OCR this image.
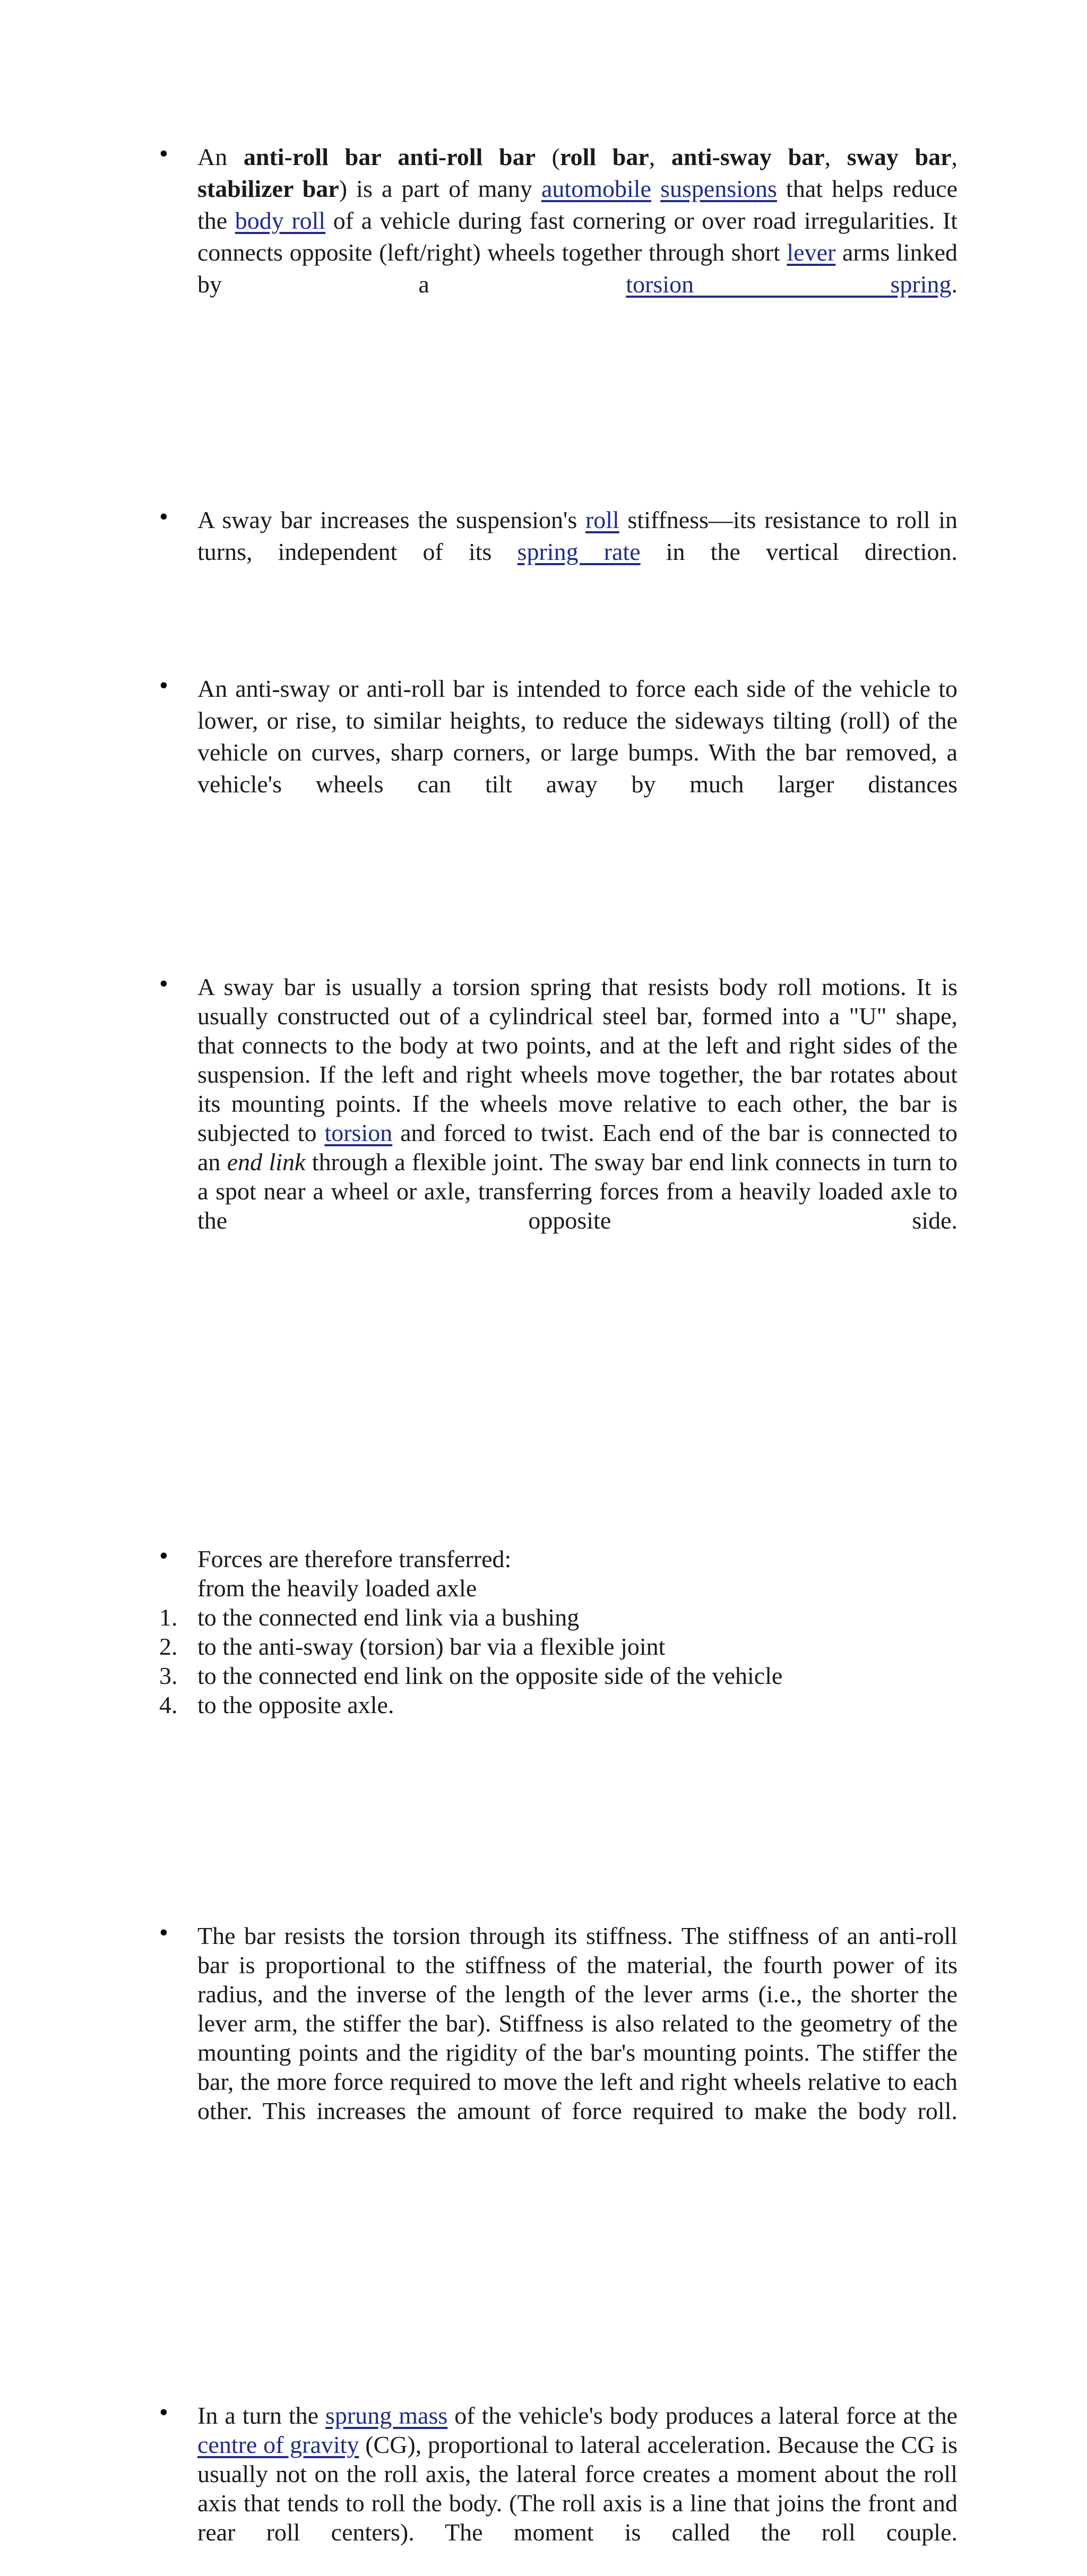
• An anti-roll bar anti-roll bar (roll bar, anti-sway bar, sway bar, stabilizer bar) is a part of many automobile suspensions that helps reduce the body roll of a vehicle during fast cornering or over road irregularities. It connects opposite (left/right) wheels together through short lever arms linked by a torsion spring.
• A sway bar increases the suspension's roll stiffness—its resistance to roll in turns, independent of its spring rate in the vertical direction.
• An anti-sway or anti-roll bar is intended to force each side of the vehicle to lower, or rise, to similar heights, to reduce the sideways tilting (roll) of the vehicle on curves, sharp corners, or large bumps. With the bar removed, a vehicle's wheels can tilt away by much larger distances
• A sway bar is usually a torsion spring that resists body roll motions. It is usually constructed out of a cylindrical steel bar, formed into a "U" shape, that connects to the body at two points, and at the left and right sides of the suspension. If the left and right wheels move together, the bar rotates about its mounting points. If the wheels move relative to each other, the bar is subjected to torsion and forced to twist. Each end of the bar is connected to an end link through a flexible joint. The sway bar end link connects in turn to a spot near a wheel or axle, transferring forces from a heavily loaded axle to the opposite side.
• Forces are therefore transferred:
from the heavily loaded axle
1. to the connected end link via a bushing
2. to the anti-sway (torsion) bar via a flexible joint
3. to the connected end link on the opposite side of the vehicle
4. to the opposite axle.
• The bar resists the torsion through its stiffness. The stiffness of an anti-roll bar is proportional to the stiffness of the material, the fourth power of its radius, and the inverse of the length of the lever arms (i.e., the shorter the lever arm, the stiffer the bar). Stiffness is also related to the geometry of the mounting points and the rigidity of the bar's mounting points. The stiffer the bar, the more force required to move the left and right wheels relative to each other. This increases the amount of force required to make the body roll.
• In a turn the sprung mass of the vehicle's body produces a lateral force at the centre of gravity (CG), proportional to lateral acceleration. Because the CG is usually not on the roll axis, the lateral force creates a moment about the roll axis that tends to roll the body. (The roll axis is a line that joins the front and rear roll centers). The moment is called the roll couple.
